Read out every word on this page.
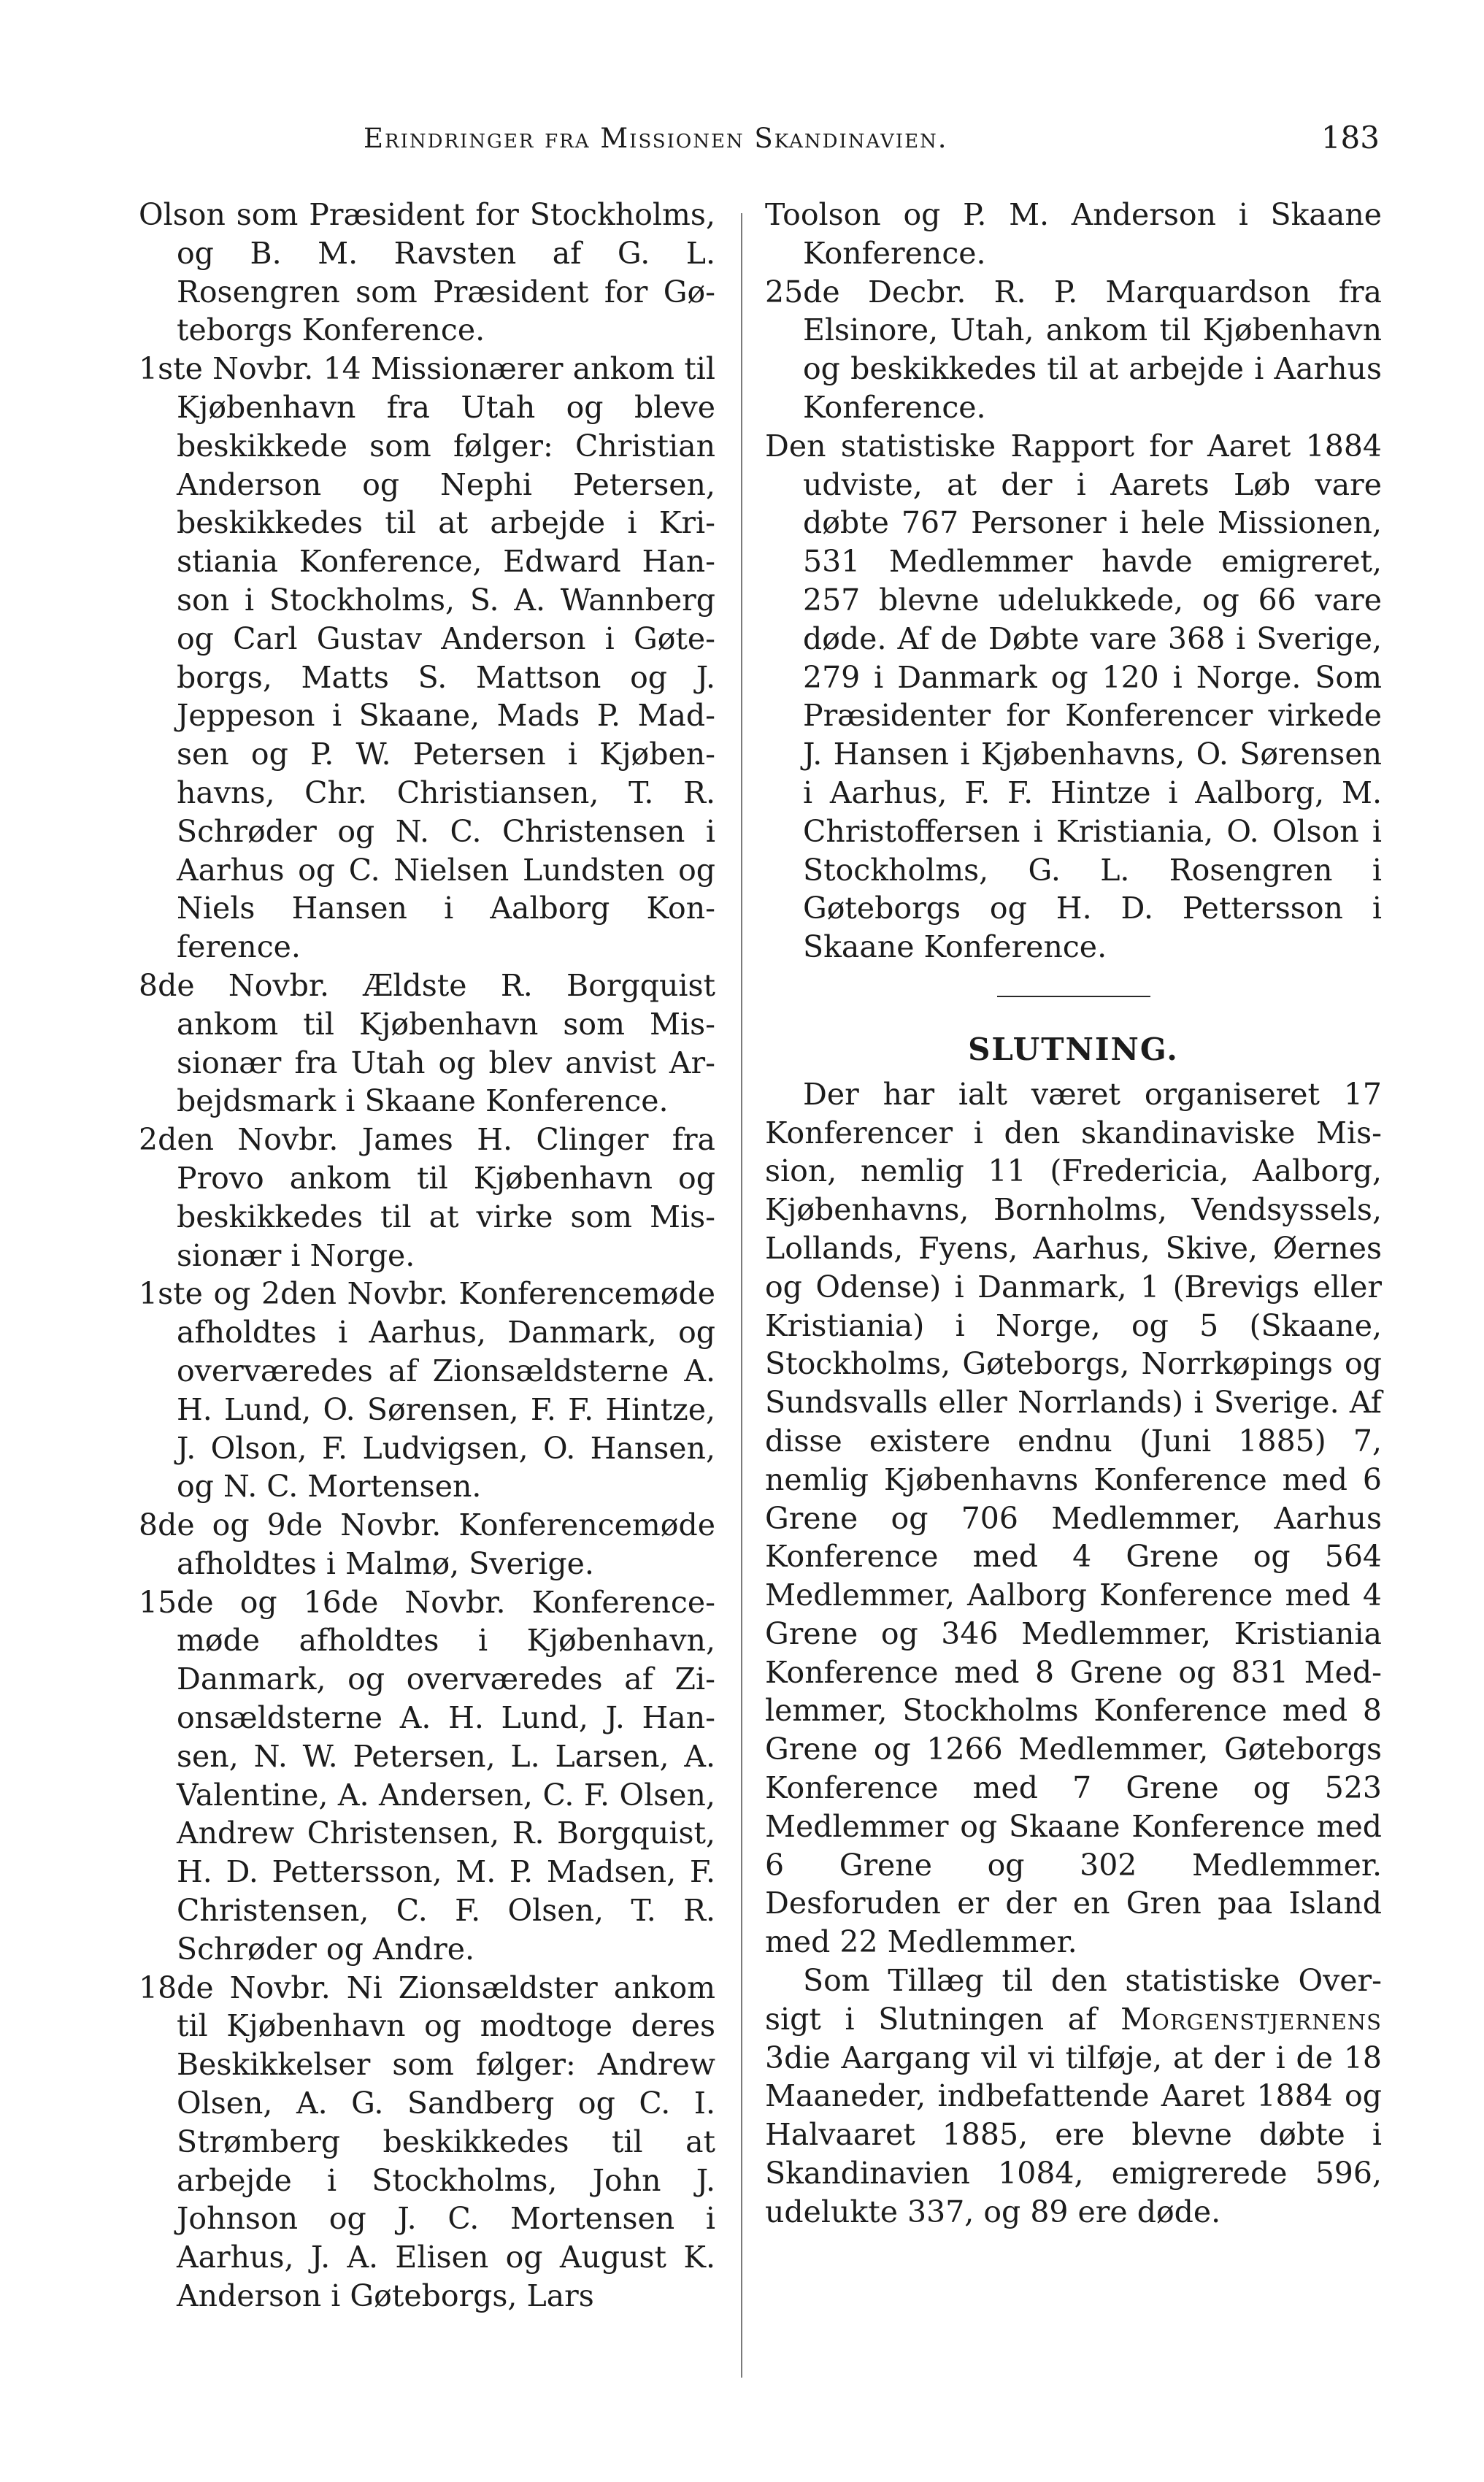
Erindringer fra Missionen Skandinavien.	183

Olson som Præsident for Stockholms, og B. M. Ravsten af G. L. Rosengren som Præsident for Gøteborgs Konference.

1ste Novbr. 14 Missionærer ankom til Kjøbenhavn fra Utah og bleve beskikkede som følger: Christian Anderson og Nephi Petersen, beskikkedes til at arbejde i Kristiania Konference, Edward Hanson i Stockholms, S. A. Wannberg og Carl Gustav Anderson i Gøteborgs, Matts S. Mattson og J. Jeppeson i Skaane, Mads P. Madsen og P. W. Petersen i Kjøbenhavns, Chr. Christiansen, T. R. Schrøder og N. C. Christensen i Aarhus og C. Nielsen Lundsten og Niels Hansen i Aalborg Konference.

8de Novbr. Ældste R. Borgquist ankom til Kjøbenhavn som Missionær fra Utah og blev anvist Arbejdsmark i Skaane Konference.

2den Novbr. James H. Clinger fra Provo ankom til Kjøbenhavn og beskikkedes til at virke som Missionær i Norge.

1ste og 2den Novbr. Konferencemøde afholdtes i Aarhus, Danmark, og overværedes af Zionsældsterne A. H. Lund, O. Sørensen, F. F. Hintze, J. Olson, F. Ludvigsen, O. Hansen, og N. C. Mortensen.

8de og 9de Novbr. Konferencemøde afholdtes i Malmø, Sverige.

15de og 16de Novbr. Konferencemøde afholdtes i Kjøbenhavn, Danmark, og overværedes af Zionsældsterne A. H. Lund, J. Hansen, N. W. Petersen, L. Larsen, A. Valentine, A. Andersen, C. F. Olsen, Andrew Christensen, R. Borgquist, H. D. Pettersson, M. P. Madsen, F. Christensen, C. F. Olsen, T. R. Schrøder og Andre.

18de Novbr. Ni Zionsældster ankom til Kjøbenhavn og modtoge deres Beskikkelser som følger: Andrew Olsen, A. G. Sandberg og C. I. Strømberg beskikkedes til at arbejde i Stockholms, John J. Johnson og J. C. Mortensen i Aarhus, J. A. Elisen og August K. Anderson i Gøteborgs, Lars

Toolson og P. M. Anderson i Skaane Konference.

25de Decbr. R. P. Marquardson fra Elsinore, Utah, ankom til Kjøbenhavn og beskikkedes til at arbejde i Aarhus Konference.

Den statistiske Rapport for Aaret 1884 udviste, at der i Aarets Løb vare døbte 767 Personer i hele Missionen, 531 Medlemmer havde emigreret, 257 blevne udelukkede, og 66 vare døde. Af de Døbte vare 368 i Sverige, 279 i Danmark og 120 i Norge. Som Præsidenter for Konferencer virkede J. Hansen i Kjøbenhavns, O. Sørensen i Aarhus, F. F. Hintze i Aalborg, M. Christoffersen i Kristiania, O. Olson i Stockholms, G. L. Rosengren i Gøteborgs og H. D. Pettersson i Skaane Konference.

SLUTNING.

Der har ialt været organiseret 17 Konferencer i den skandinaviske Mission, nemlig 11 (Fredericia, Aalborg, Kjøbenhavns, Bornholms, Vendsyssels, Lollands, Fyens, Aarhus, Skive, Øernes og Odense) i Danmark, 1 (Brevigs eller Kristiania) i Norge, og 5 (Skaane, Stockholms, Gøteborgs, Norrkøpings og Sundsvalls eller Norrlands) i Sverige. Af disse existere endnu (Juni 1885) 7, nemlig Kjøbenhavns Konference med 6 Grene og 706 Medlemmer, Aarhus Konference med 4 Grene og 564 Medlemmer, Aalborg Konference med 4 Grene og 346 Medlemmer, Kristiania Konference med 8 Grene og 831 Medlemmer, Stockholms Konference med 8 Grene og 1266 Medlemmer, Gøteborgs Konference med 7 Grene og 523 Medlemmer og Skaane Konference med 6 Grene og 302 Medlemmer. Desforuden er der en Gren paa Island med 22 Medlemmer.

Som Tillæg til den statistiske Oversigt i Slutningen af Morgenstjernens 3die Aargang vil vi tilføje, at der i de 18 Maaneder, indbefattende Aaret 1884 og Halvaaret 1885, ere blevne døbte i Skandinavien 1084, emigrerede 596, udelukte 337, og 89 ere døde.
